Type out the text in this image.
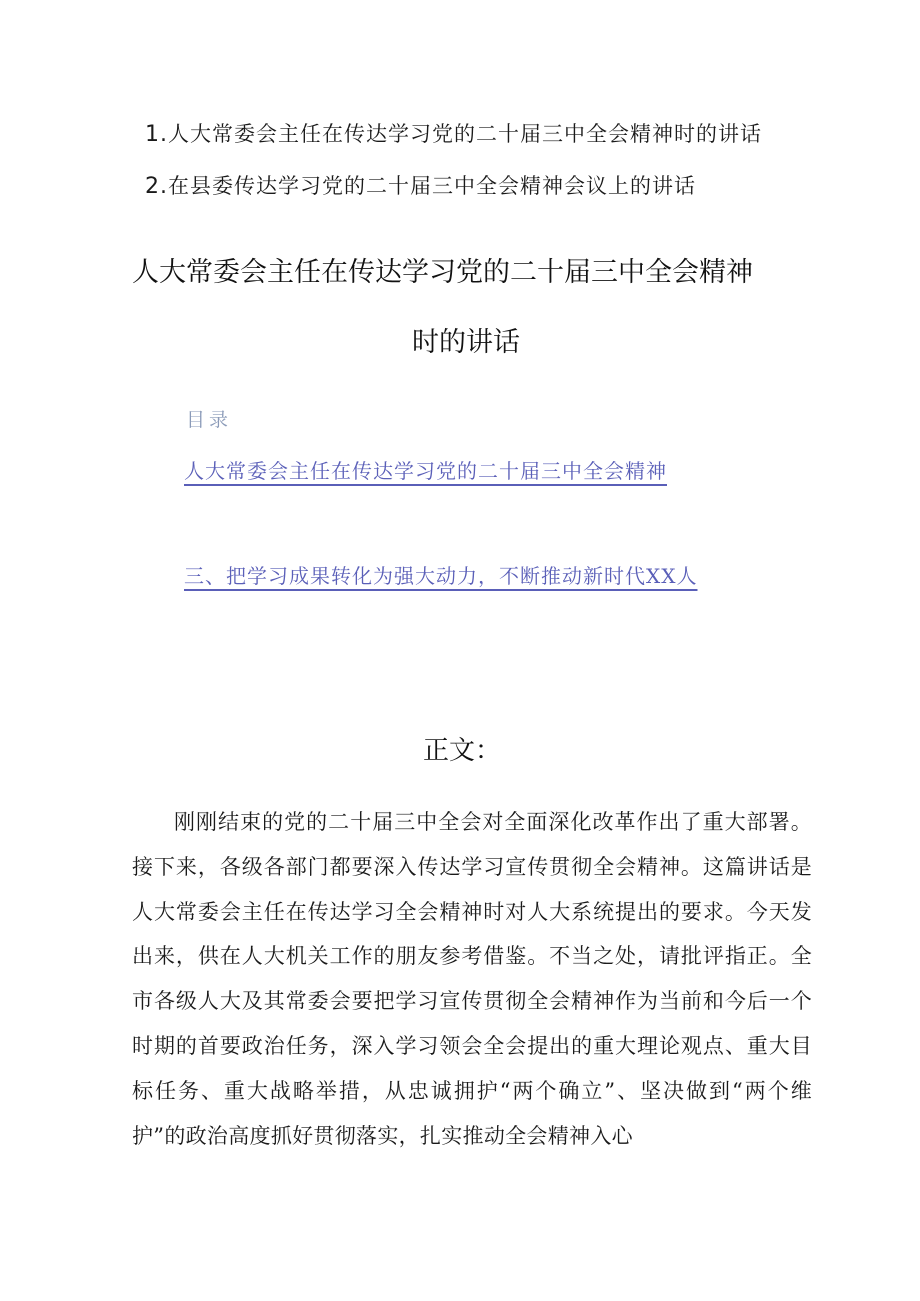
1.人大常委会主任在传达学习党的二十届三中全会精神时的讲话
2.在县委传达学习党的二十届三中全会精神会议上的讲话
人大常委会主任在传达学习党的二十届三中全会精神
时的讲话
目录
人大常委会主任在传达学习党的二十届三中全会精神
三、把学习成果转化为强大动力，不断推动新时代XX人
正文：

刚刚结束的党的二十届三中全会对全面深化改革作出了重大部署。接下来，各级各部门都要深入传达学习宣传贯彻全会精神。这篇讲话是人大常委会主任在传达学习全会精神时对人大系统提出的要求。今天发出来，供在人大机关工作的朋友参考借鉴。不当之处，请批评指正。全市各级人大及其常委会要把学习宣传贯彻全会精神作为当前和今后一个时期的首要政治任务，深入学习领会全会提出的重大理论观点、重大目标任务、重大战略举措，从忠诚拥护“两个确立”、坚决做到“两个维护”的政治高度抓好贯彻落实，扎实推动全会精神入心
